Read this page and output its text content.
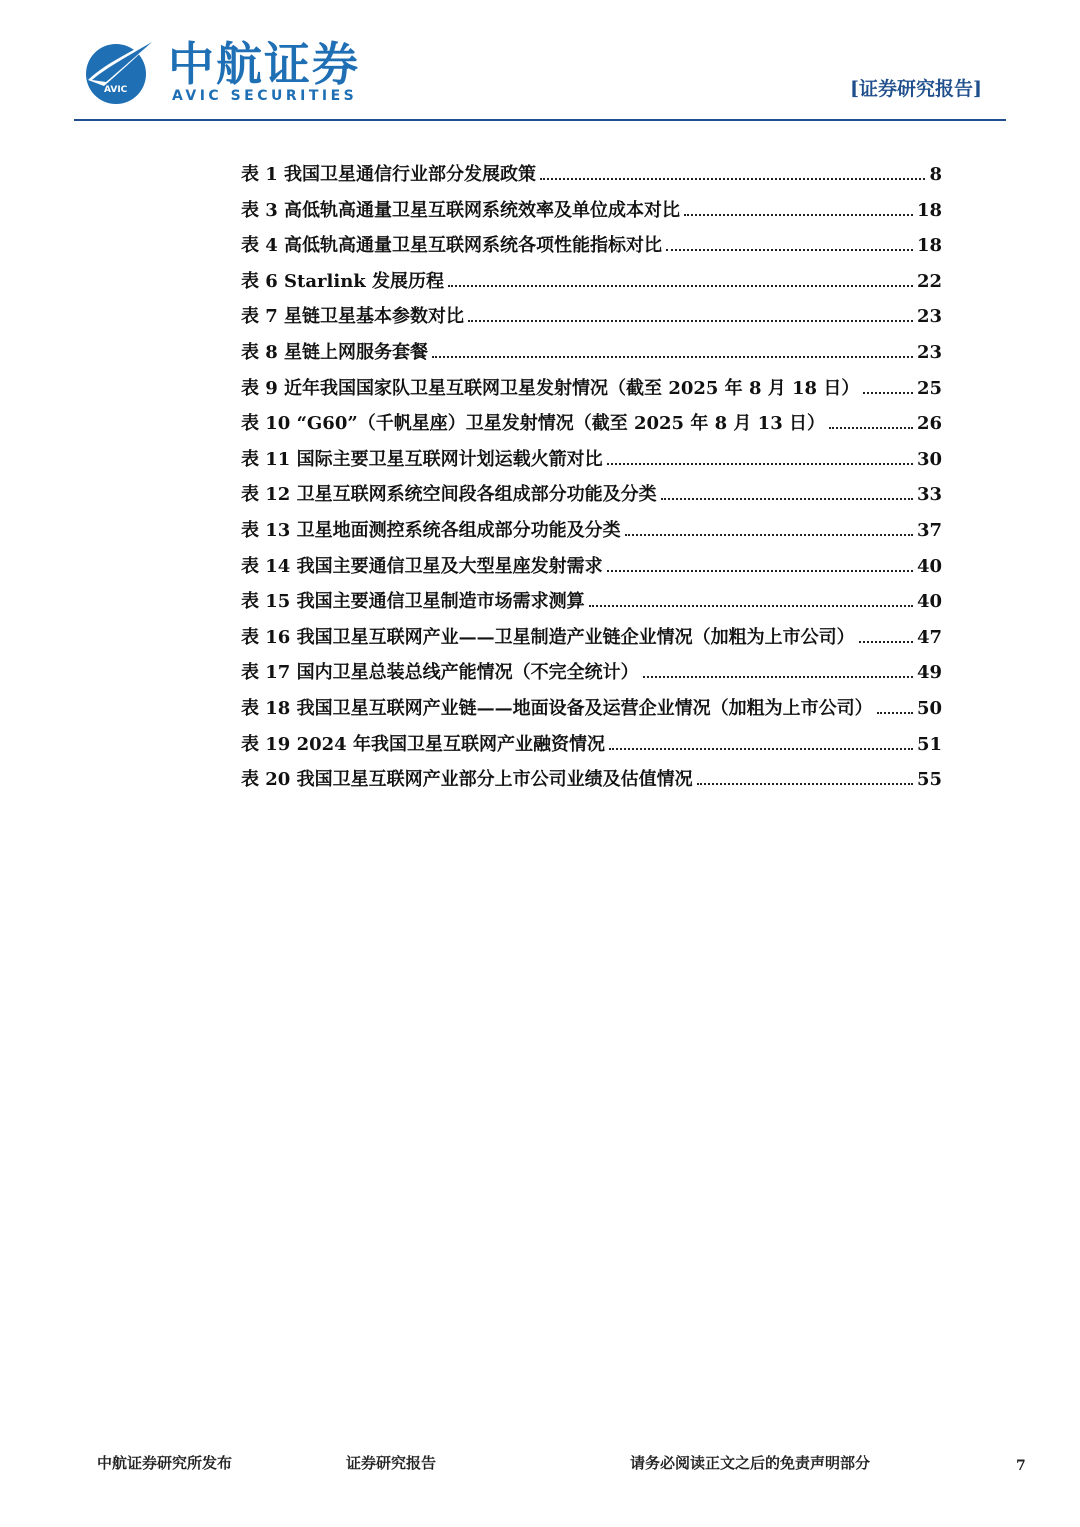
AVIC 中航证券
AVIC SECURITIES	[证券研究报告]
表 1 我国卫星通信行业部分发展政策	8
表 3 高低轨高通量卫星互联网系统效率及单位成本对比	18
表 4 高低轨高通量卫星互联网系统各项性能指标对比	18
表 6 Starlink 发展历程	22
表 7 星链卫星基本参数对比	23
表 8 星链上网服务套餐	23
表 9 近年我国国家队卫星互联网卫星发射情况（截至 2025 年 8 月 18 日）	25
表 10 “G60”（千帆星座）卫星发射情况（截至 2025 年 8 月 13 日）	26
表 11 国际主要卫星互联网计划运载火箭对比	30
表 12 卫星互联网系统空间段各组成部分功能及分类	33
表 13 卫星地面测控系统各组成部分功能及分类	37
表 14 我国主要通信卫星及大型星座发射需求	40
表 15 我国主要通信卫星制造市场需求测算	40
表 16 我国卫星互联网产业——卫星制造产业链企业情况（加粗为上市公司）	47
表 17 国内卫星总装总线产能情况（不完全统计）	49
表 18 我国卫星互联网产业链——地面设备及运营企业情况（加粗为上市公司） 50
表 19 2024 年我国卫星互联网产业融资情况	51
表 20 我国卫星互联网产业部分上市公司业绩及估值情况	55
中航证券研究所发布	证券研究报告	请务必阅读正文之后的免责声明部分	7
